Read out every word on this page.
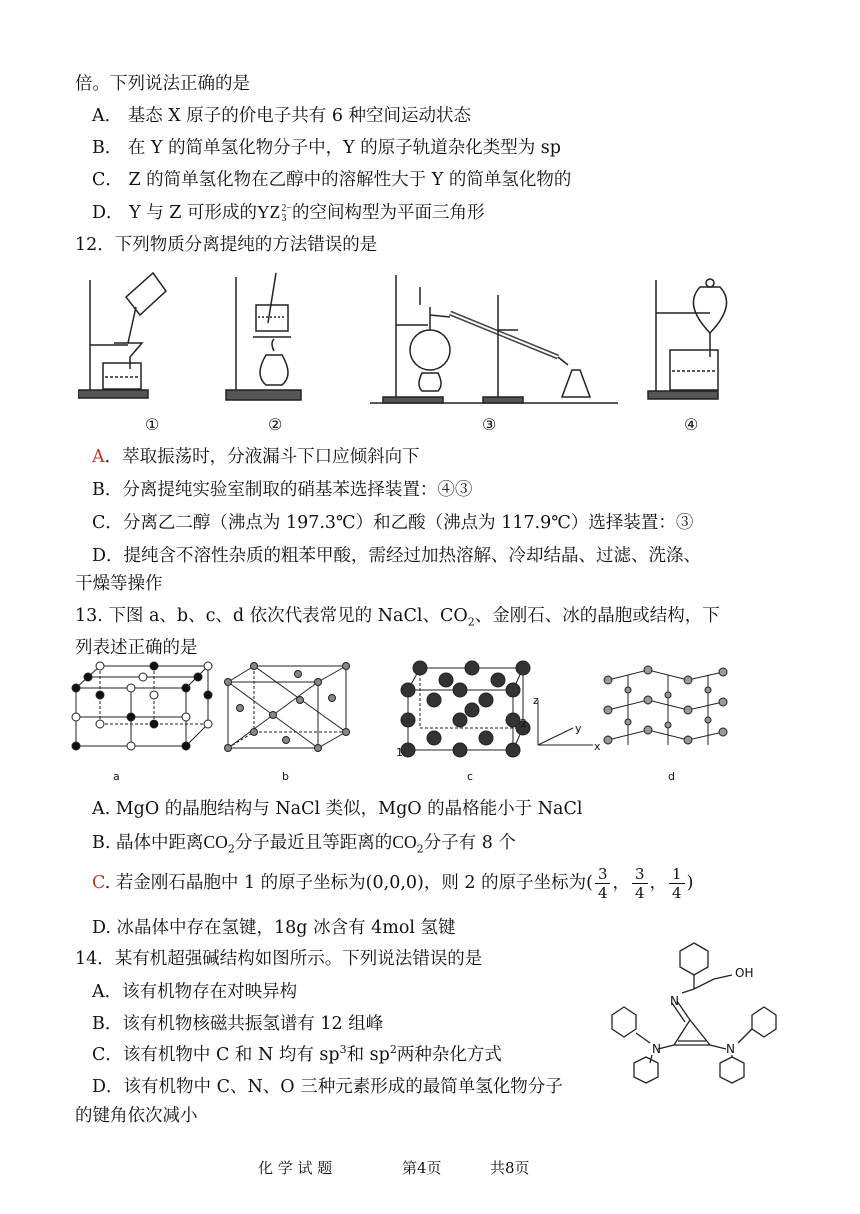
倍。下列说法正确的是
A． 基态 X 原子的价电子共有 6 种空间运动状态
B． 在 Y 的简单氢化物分子中，Y 的原子轨道杂化类型为 sp
C． Z 的简单氢化物在乙醇中的溶解性大于 Y 的简单氢化物的
D． Y 与 Z 可形成的YZ 2−
3 的空间构型为平面三角形
12．下列物质分离提纯的方法错误的是
①	②	③	④
A．萃取振荡时，分液漏斗下口应倾斜向下
B．分离提纯实验室制取的硝基苯选择装置：④③
C．分离乙二醇（沸点为 197.3℃）和乙酸（沸点为 117.9℃）选择装置：③
D．提纯含不溶性杂质的粗苯甲酸，需经过加热溶解、冷却结晶、过滤、洗涤、
干燥等操作
13. 下图 a、b、c、d 依次代表常见的 NaCl、$CO_2$、金刚石、冰的晶胞或结构，下
列表述正确的是
a	b	c	d
z
y
x
1
2
A. MgO 的晶胞结构与 NaCl 类似，MgO 的晶格能小于 NaCl
B. 晶体中距离$CO_2$分子最近且等距离的$CO_2$分子有 8 个
C. 若金刚石晶胞中 1 的原子坐标为(0,0,0)，则 2 的原子坐标为( $\frac{3}{4}$ ， $\frac{3}{4}$ ， $\frac{1}{4}$ )
D. 冰晶体中存在氢键，18g 冰含有 4mol 氢键
14．某有机超强碱结构如图所示。下列说法错误的是
A．该有机物存在对映异构
B．该有机物核磁共振氢谱有 12 组峰
C．该有机物中 C 和 N 均有 $sp^3$和 $sp^2$两种杂化方式
D．该有机物中 C、N、O 三种元素形成的最简单氢化物分子
的键角依次减小
OH
N
N	N
化 学 试 题	第4页	共8页
